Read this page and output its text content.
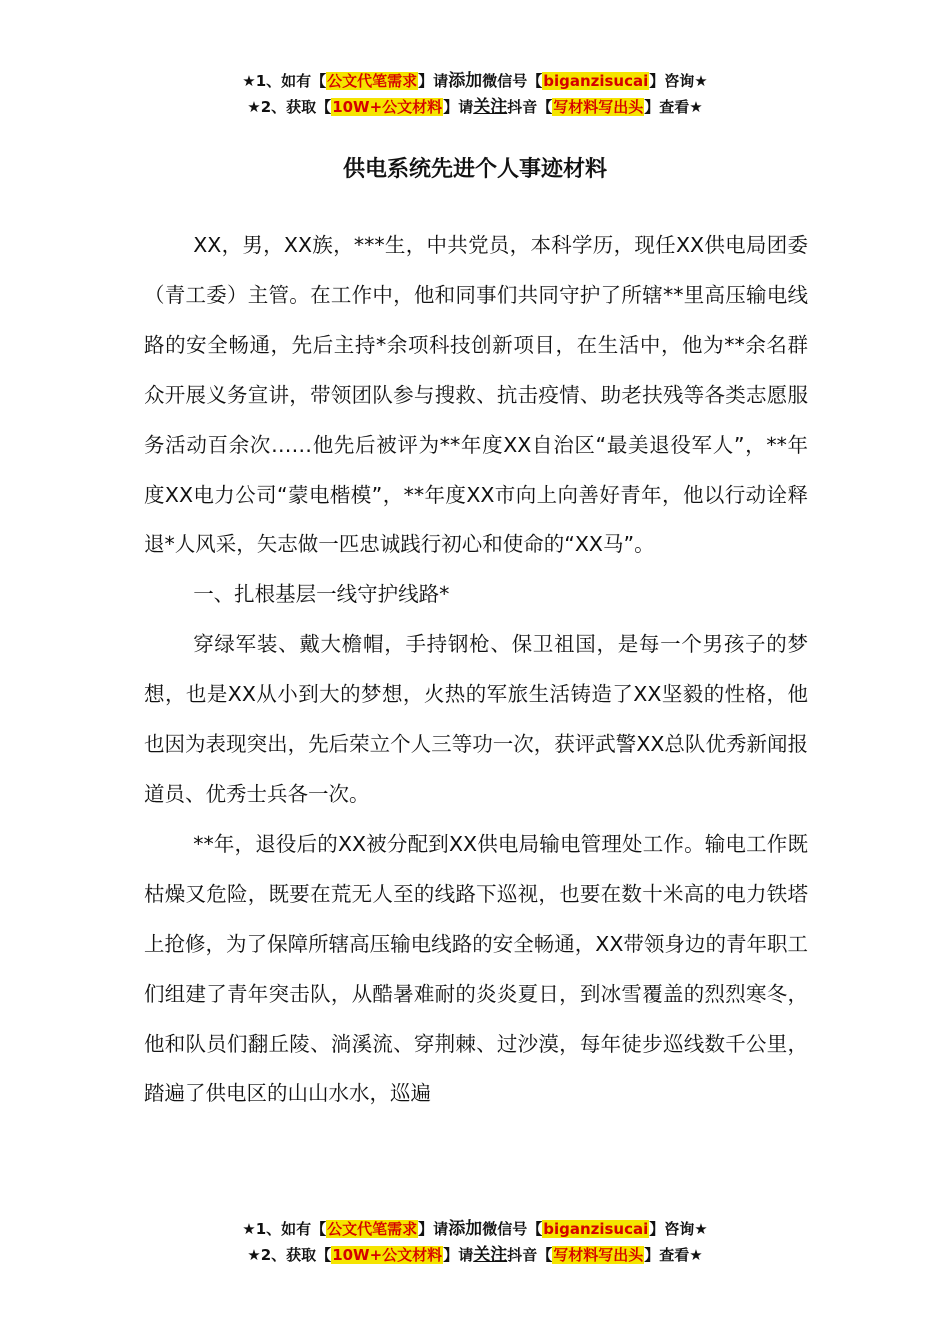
★1、如有【公文代笔需求】请添加微信号【biganzisucai】咨询★
★2、获取【10W+公文材料】请关注抖音【写材料写出头】查看★
供电系统先进个人事迹材料

XX，男，XX族，***生，中共党员，本科学历，现任XX供电局团委（青工委）主管。在工作中，他和同事们共同守护了所辖**里高压输电线路的安全畅通，先后主持*余项科技创新项目，在生活中，他为**余名群众开展义务宣讲，带领团队参与搜救、抗击疫情、助老扶残等各类志愿服务活动百余次……他先后被评为**年度XX自治区“最美退役军人”，**年度XX电力公司“蒙电楷模”，**年度XX市向上向善好青年，他以行动诠释退*人风采，矢志做一匹忠诚践行初心和使命的“XX马”。

一、扎根基层一线守护线路*

穿绿军装、戴大檐帽，手持钢枪、保卫祖国，是每一个男孩子的梦想，也是XX从小到大的梦想，火热的军旅生活铸造了XX坚毅的性格，他也因为表现突出，先后荣立个人三等功一次，获评武警XX总队优秀新闻报道员、优秀士兵各一次。

**年，退役后的XX被分配到XX供电局输电管理处工作。输电工作既枯燥又危险，既要在荒无人至的线路下巡视，也要在数十米高的电力铁塔上抢修，为了保障所辖高压输电线路的安全畅通，XX带领身边的青年职工们组建了青年突击队，从酷暑难耐的炎炎夏日，到冰雪覆盖的烈烈寒冬，他和队员们翻丘陵、淌溪流、穿荆棘、过沙漠，每年徒步巡线数千公里，踏遍了供电区的山山水水，巡遍

★1、如有【公文代笔需求】请添加微信号【biganzisucai】咨询★
★2、获取【10W+公文材料】请关注抖音【写材料写出头】查看★
